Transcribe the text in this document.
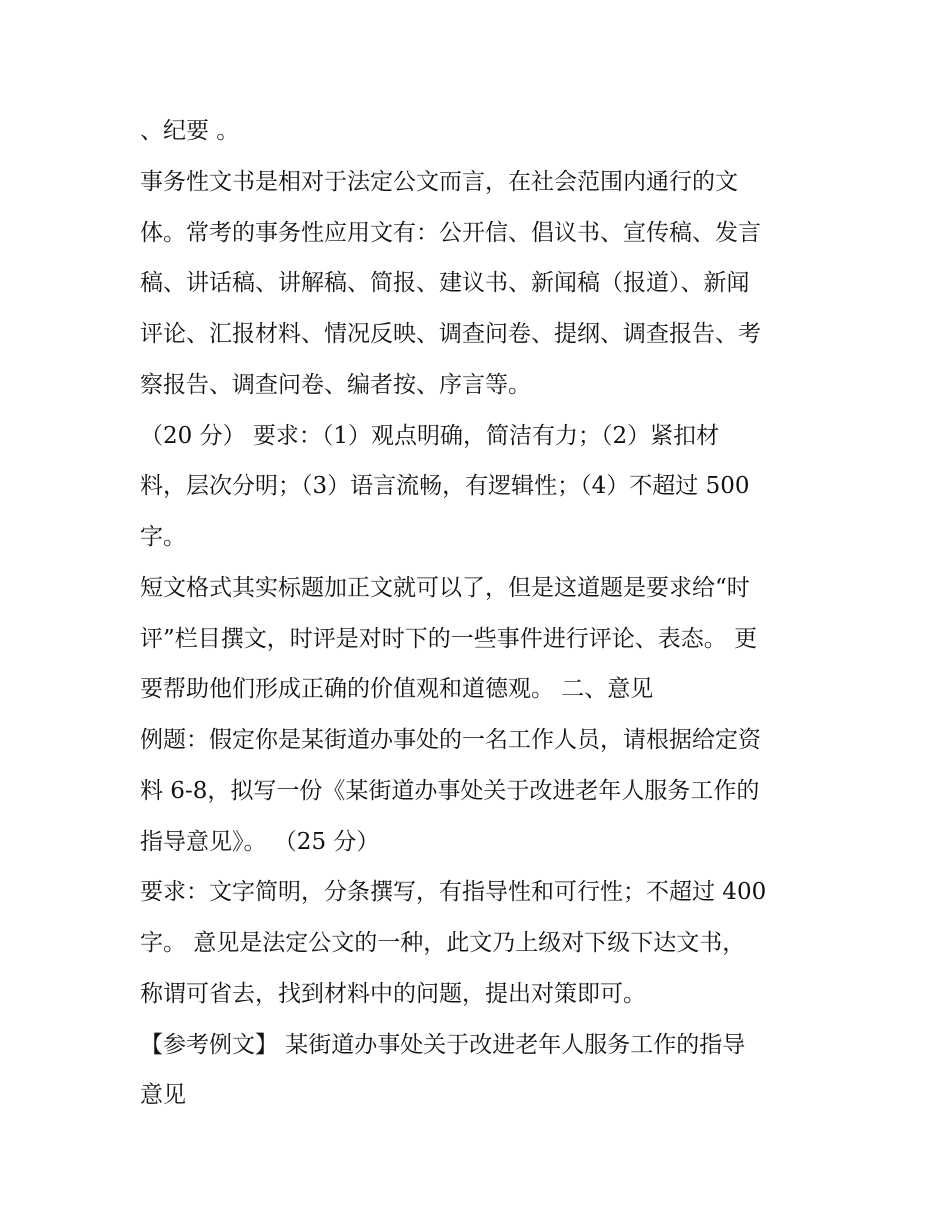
、纪要 。
事务性文书是相对于法定公文而言，在社会范围内通行的文
体。常考的事务性应用文有：公开信、倡议书、宣传稿、发言
稿、讲话稿、讲解稿、简报、建议书、新闻稿（报道）、新闻
评论、汇报材料、情况反映、调查问卷、提纲、调查报告、考
察报告、调查问卷、编者按、序言等。
（20 分） 要求：（1）观点明确，简洁有力；（2）紧扣材
料，层次分明；（3）语言流畅，有逻辑性；（4）不超过 500
字。
短文格式其实标题加正文就可以了，但是这道题是要求给“时
评”栏目撰文，时评是对时下的一些事件进行评论、表态。 更
要帮助他们形成正确的价值观和道德观。 二、意见
例题：假定你是某街道办事处的一名工作人员，请根据给定资
料 6-8，拟写一份《某街道办事处关于改进老年人服务工作的
指导意见》。 （25 分）
要求：文字简明，分条撰写，有指导性和可行性；不超过 400
字。 意见是法定公文的一种，此文乃上级对下级下达文书，
称谓可省去，找到材料中的问题，提出对策即可。
【参考例文】 某街道办事处关于改进老年人服务工作的指导
意见
